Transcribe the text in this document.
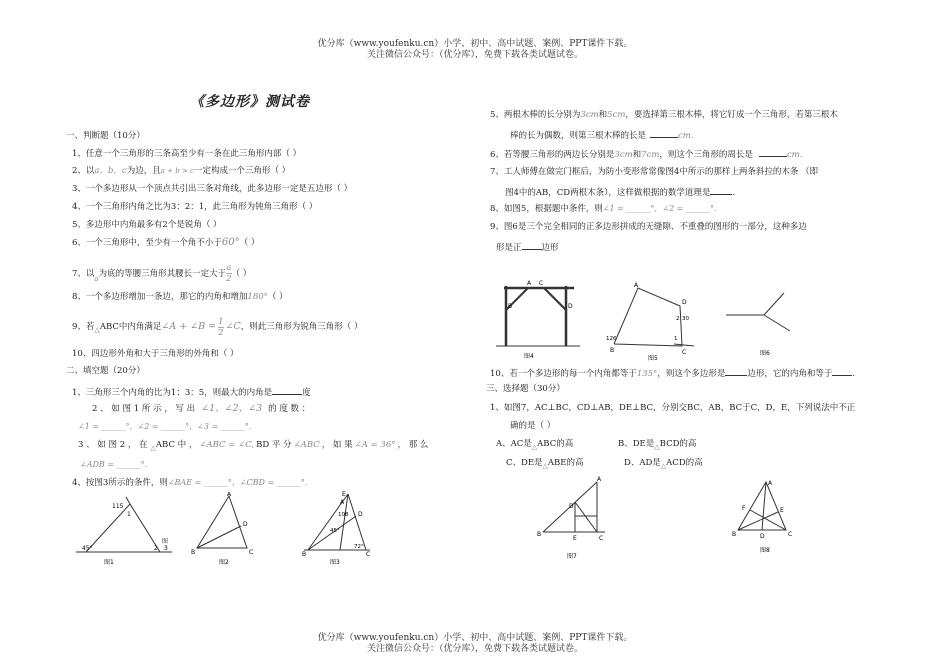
优分库（www.youfenku.cn）小学、初中、高中试题、案例、PPT课件下载。
关注微信公众号：（优分库），免费下载各类试题试卷。
《多边形》测试卷
一、判断题（10分）
1、任意一个三角形的三条高至少有一条在此三角形内部（ ）
2、以a，b，c为边，且a + b > c一定构成一个三角形（ ）
3、一个多边形从一个顶点共引出三条对角线，此多边形一定是五边形（ ）
4、一个三角形内角之比为3：2：1，此三角形为钝角三角形（ ）
5、多边形中内角最多有2个是锐角（ ）
6、一个三角形中，至少有一个角不小于60°（ ）
7、以$_a$为底的等腰三角形其腰长一定大于 $\frac{a}{2}$ （ ）
8、一个多边形增加一条边，那它的内角和增加180°（ ）
9、若$_\triangle$ABC中内角满足∠A + ∠B = $\frac{1}{2}$ ∠C，则此三角形为锐角三角形（ ）
10、四边形外角和大于三角形的外角和（ ）
二、填空题（20分）
1、三角形三个内角的比为1：3：5，则最大的内角是	度
2 、 如 图 1 所 示 ， 写 出 ∠1、∠2、∠3 的 度 数 ：
∠1 = ______°，∠2 = ______°，∠3 = ______°.
3 、 如 图 2 ， 在 $_\triangle$ABC 中 ， ∠ABC = ∠C, BD 平 分 ∠ABC ， 如 果 ∠A = 36° ， 那 么
∠ADB = ______°.
4、按图3所示的条件，则∠BAE = ______°，∠CBD = ______°.
115
45°
1
2 3
图1
图
A
B	C
D
图2
E
A
D
B	C
108
45°
72°
图3
5、两根木棒的长分别为3cm和5cm，要选择第三根木棒，将它钉成一个三角形，若第三根木
棒的长为偶数，则第三根木棒的长是	cm.
6、若等腰三角形的两边长分别是3cm和7cm，则这个三角形的周长是	cm.
7、工人师傅在做完门框后，为防小变形常常像图4中所示的那样上两条斜拉的木条 （即
图4中的AB，CD两根木条），这样做根据的数学道理是	.
8、如图5，根据题中条件，则∠1 = ______°，∠2 = ______°.
9、图6是三个完全相同的正多边形拼成的无缝隙、不重叠的图形的一部分，这种多边
形是正 边形
B
A C
D
图4
A
D
B	C
126	1
2 30
图5
图6
10、若一个多边形的每一个内角都等于135°，则这个多边形是	边形，它的内角和等于 .
三、选择题（30分）
1、如图7，AC⊥BC，CD⊥AB，DE⊥BC，分别交BC，AB，BC于C，D，E，下列说法中不正
确的是（ ）
A、AC是$_\triangle$ABC的高	B、DE是$_\triangle$BCD的高
C、DE是$_\triangle$ABE的高	D、AD是$_\triangle$ACD的高
A
B
C
D
E
图7
A
F	E
B	C
D
图8
优分库（www.youfenku.cn）小学、初中、高中试题、案例、PPT课件下载。
关注微信公众号：（优分库），免费下载各类试题试卷。
